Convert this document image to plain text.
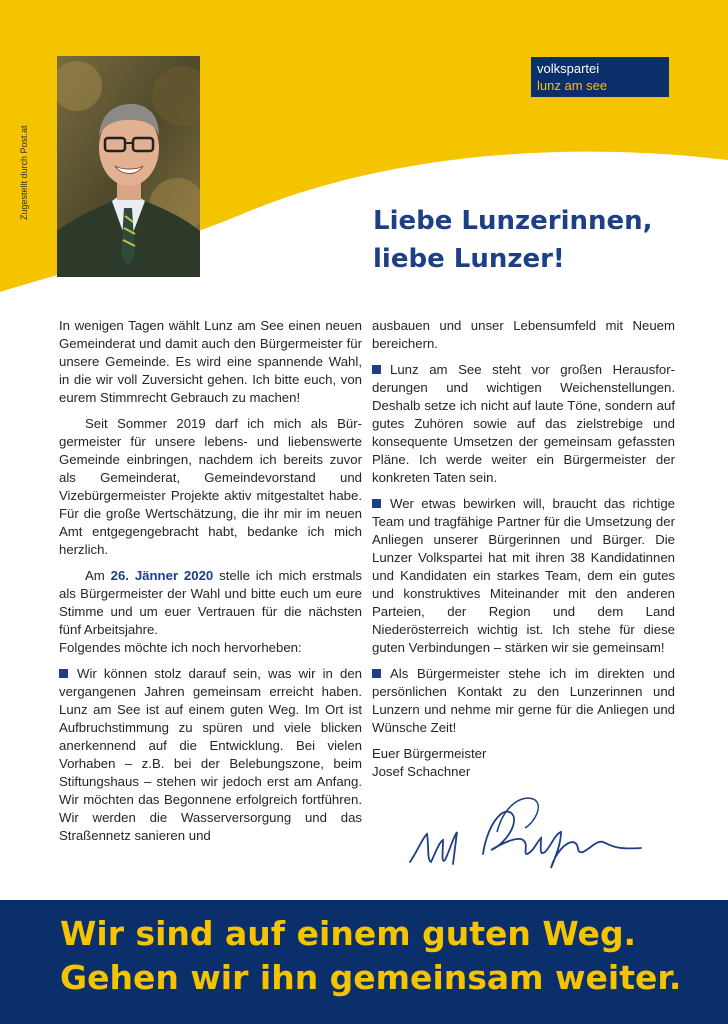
Zugestellt durch Post.at
volkspartei
lunz am see
Liebe Lunzerinnen,
liebe Lunzer!

In wenigen Tagen wählt Lunz am See einen neuen Gemeinderat und damit auch den Bürgermeister für unsere Gemeinde. Es wird eine spannende Wahl, in die wir voll Zuversicht gehen. Ich bitte euch, von eurem Stimmrecht Gebrauch zu machen!

Seit Sommer 2019 darf ich mich als Bürgermeister für unsere lebens- und liebenswerte Gemeinde einbringen, nachdem ich bereits zuvor als Gemeinderat, Gemeindevorstand und Vizebürgermeister Projekte aktiv mitgestaltet habe. Für die große Wertschätzung, die ihr mir im neuen Amt entgegengebracht habt, bedanke ich mich herzlich.

Am 26. Jänner 2020 stelle ich mich erstmals als Bürgermeister der Wahl und bitte euch um eure Stimme und um euer Vertrauen für die nächsten fünf Arbeitsjahre.

Folgendes möchte ich noch hervorheben:

Wir können stolz darauf sein, was wir in den vergangenen Jahren gemeinsam erreicht haben. Lunz am See ist auf einem guten Weg. Im Ort ist Aufbruchstimmung zu spüren und viele blicken anerkennend auf die Entwicklung. Bei vielen Vorhaben – z.B. bei der Belebungszone, beim Stiftungshaus – stehen wir jedoch erst am Anfang. Wir möchten das Begonnene erfolgreich fortführen. Wir werden die Wasserversorgung und das Straßennetz sanieren und

ausbauen und unser Lebensumfeld mit Neuem bereichern.

Lunz am See steht vor großen Herausforderungen und wichtigen Weichenstellungen. Deshalb setze ich nicht auf laute Töne, sondern auf gutes Zuhören sowie auf das zielstrebige und konsequente Umsetzen der gemeinsam gefassten Pläne. Ich werde weiter ein Bürgermeister der konkreten Taten sein.

Wer etwas bewirken will, braucht das richtige Team und tragfähige Partner für die Umsetzung der Anliegen unserer Bürgerinnen und Bürger. Die Lunzer Volkspartei hat mit ihren 38 Kandidatinnen und Kandidaten ein starkes Team, dem ein gutes und konstruktives Miteinander mit den anderen Parteien, der Region und dem Land Niederösterreich wichtig ist. Ich stehe für diese guten Verbindungen – stärken wir sie gemeinsam!

Als Bürgermeister stehe ich im direkten und persönlichen Kontakt zu den Lunzerinnen und Lunzern und nehme mir gerne für die Anliegen und Wünsche Zeit!

Euer Bürgermeister
Josef Schachner

Wir sind auf einem guten Weg.
Gehen wir ihn gemeinsam weiter.
